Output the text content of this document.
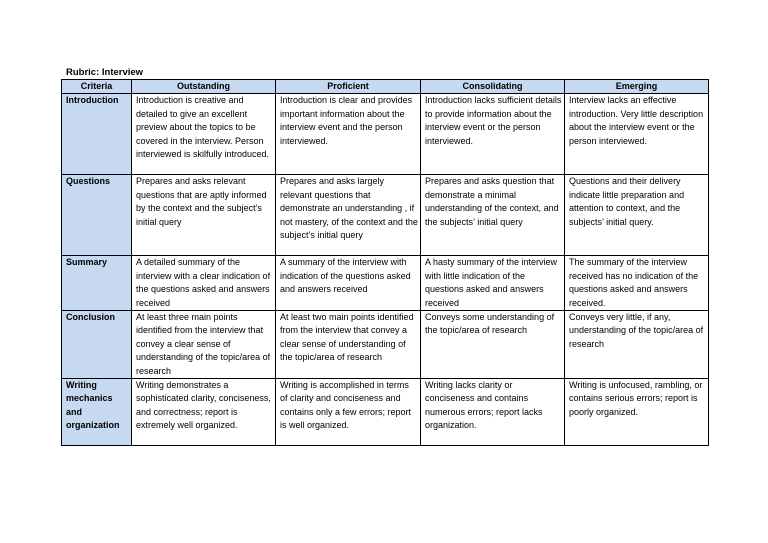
Rubric: Interview
Criteria	Outstanding	Proficient	Consolidating	Emerging
Introduction	Introduction is creative and detailed to give an excellent preview about the topics to be covered in the interview. Person interviewed is skilfully introduced.	Introduction is clear and provides important information about the interview event and the person interviewed.	Introduction lacks sufficient details to provide information about the interview event or the person interviewed.	Interview lacks an effective introduction. Very little description about the interview event or the person interviewed.
Questions	Prepares and asks relevant questions that are aptly informed by the context and the subject’s initial query	Prepares and asks largely relevant questions that demonstrate an understanding , if not mastery, of the context and the subject’s initial query	Prepares and asks question that demonstrate a minimal understanding of the context, and the subjects’ initial query	Questions and their delivery indicate little preparation and attention to context, and the subjects’ initial query.
Summary	A detailed summary of the interview with a clear indication of the questions asked and answers received	A summary of the interview with indication of the questions asked and answers received	A hasty summary of the interview with little indication of the questions asked and answers received	The summary of the interview received has no indication of the questions asked and answers received.
Conclusion	At least three main points identified from the interview that convey a clear sense of understanding of the topic/area of research	At least two main points identified from the interview that convey a clear sense of understanding of the topic/area of research	Conveys some understanding of the topic/area of research	Conveys very little, if any, understanding of the topic/area of research
Writing mechanics and organization	Writing demonstrates a sophisticated clarity, conciseness, and correctness; report is extremely well organized.	Writing is accomplished in terms of clarity and conciseness and contains only a few errors; report is well organized.	Writing lacks clarity or conciseness and contains numerous errors; report lacks organization.	Writing is unfocused, rambling, or contains serious errors; report is poorly organized.
